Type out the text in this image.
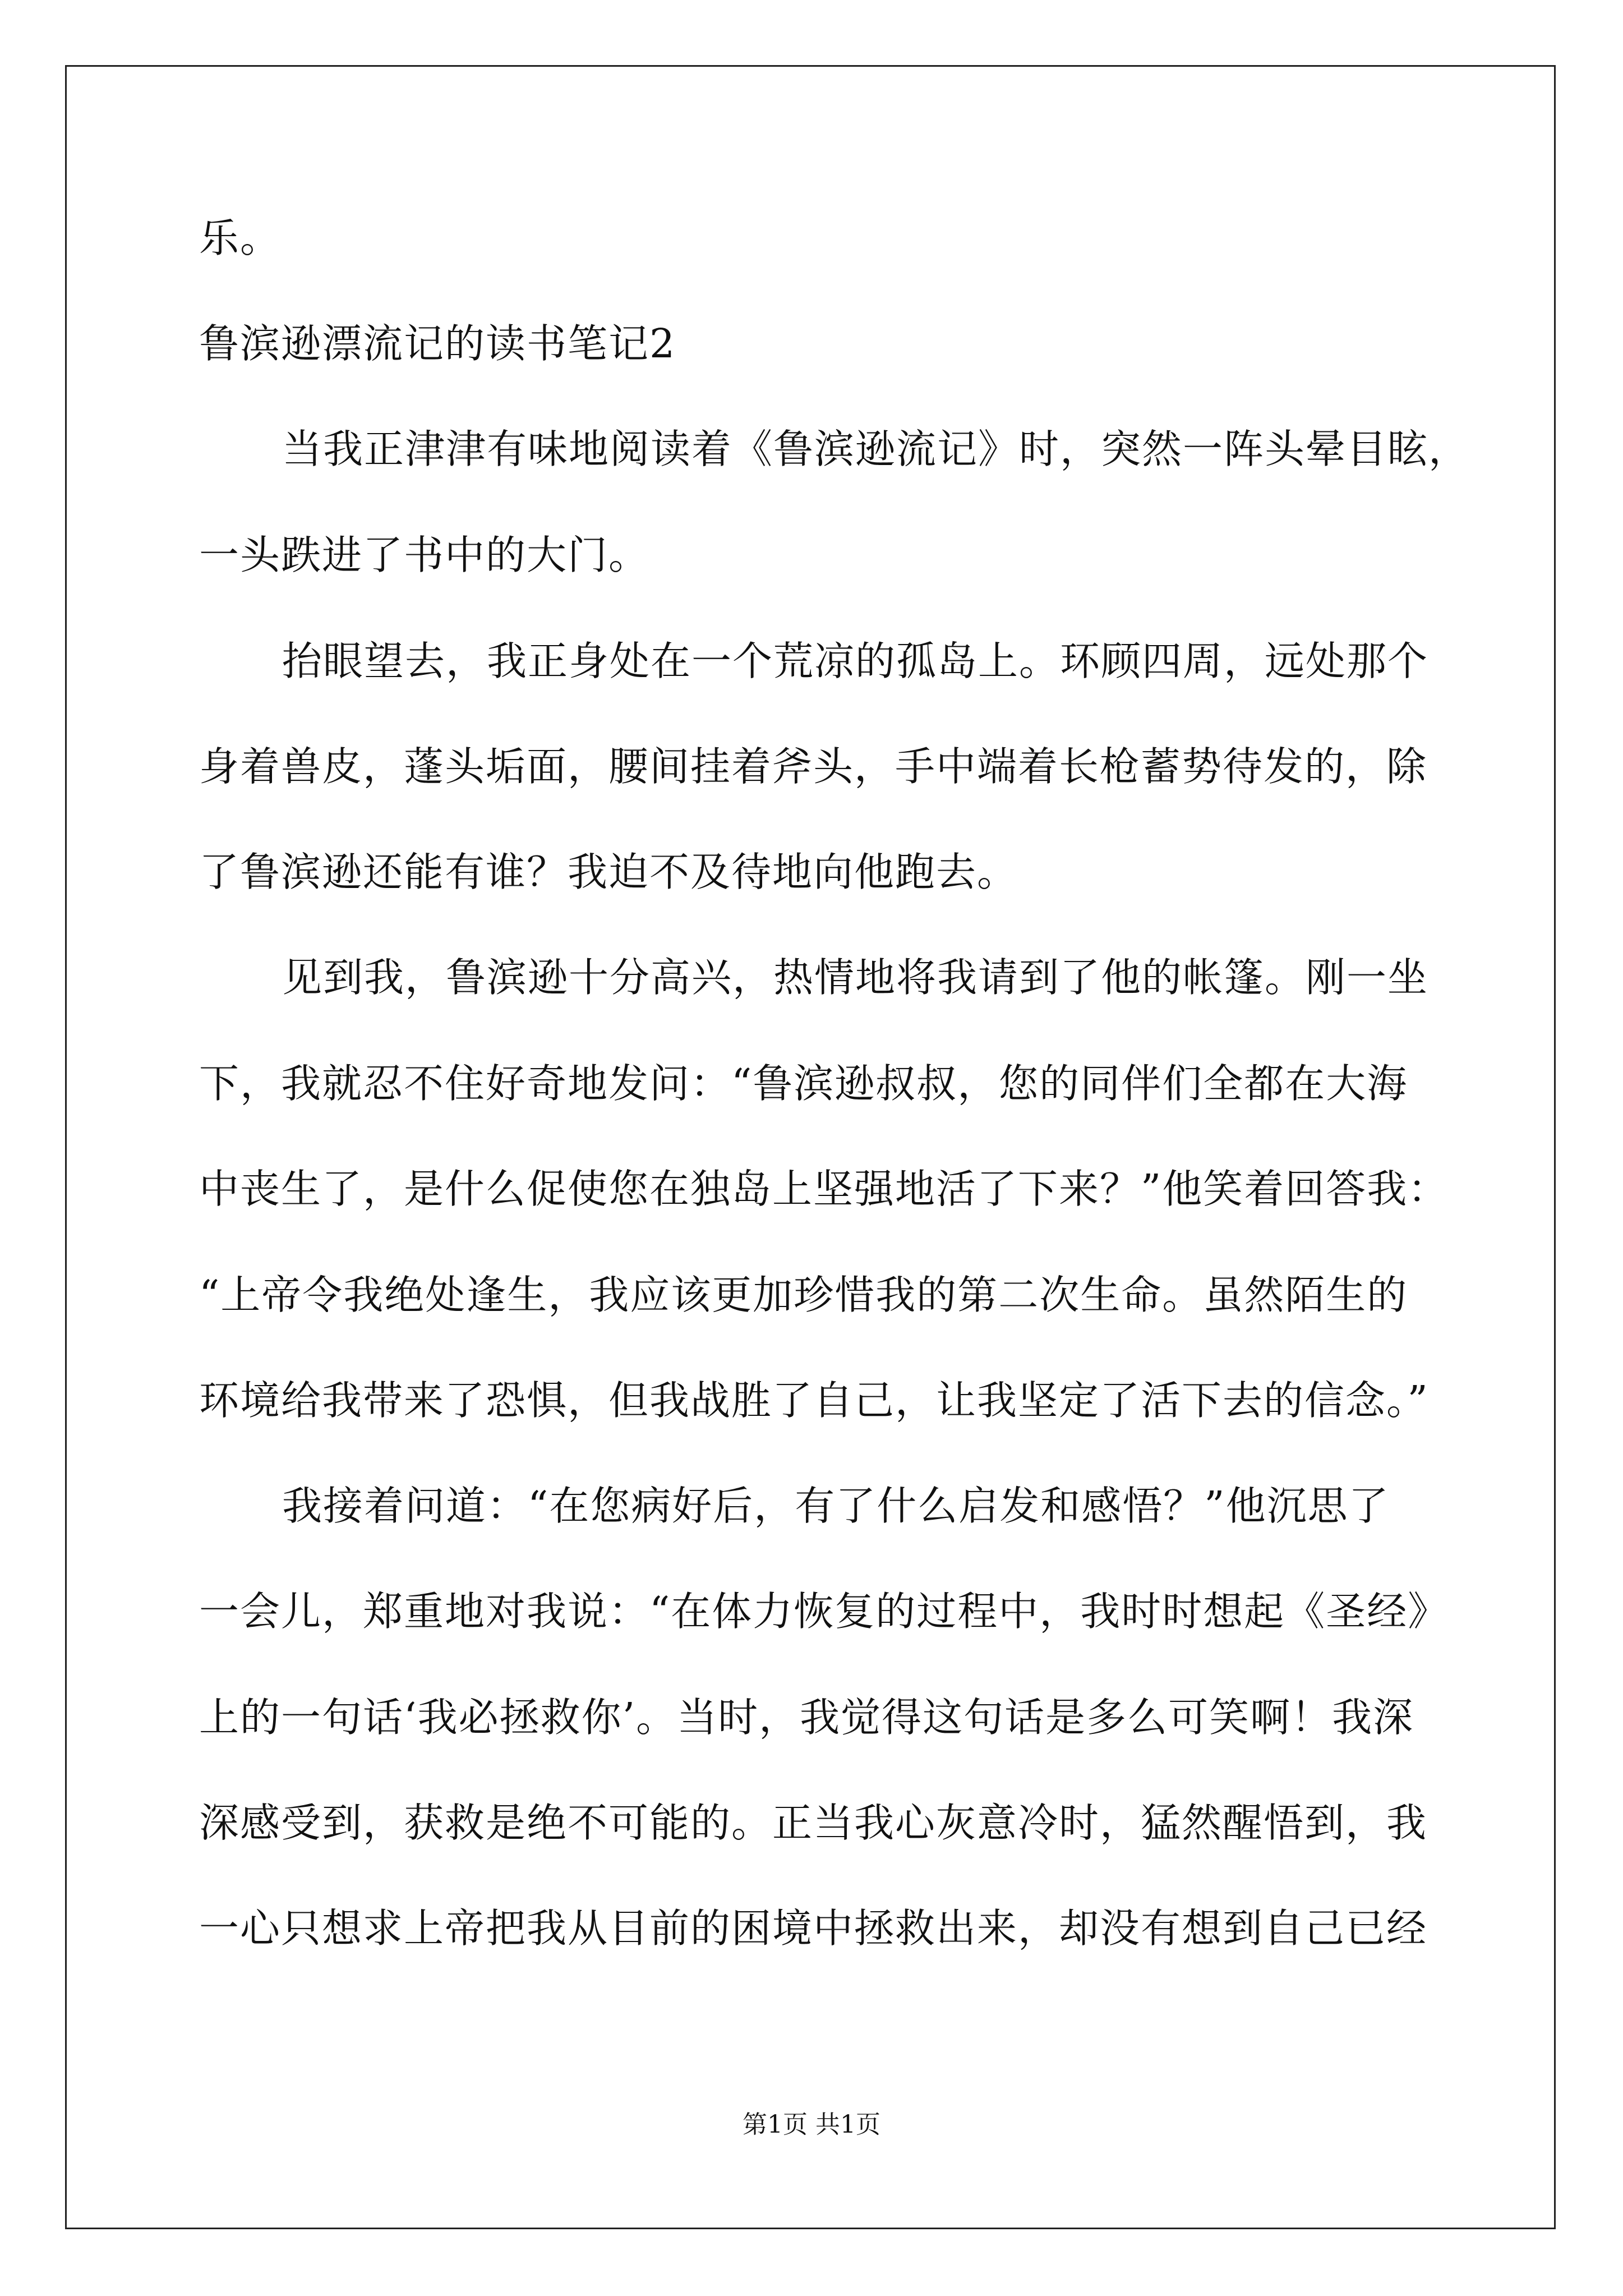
乐。
鲁滨逊漂流记的读书笔记2
当我正津津有味地阅读着《鲁滨逊流记》时，突然一阵头晕目眩，
一头跌进了书中的大门。
抬眼望去，我正身处在一个荒凉的孤岛上。环顾四周，远处那个
身着兽皮，蓬头垢面，腰间挂着斧头，手中端着长枪蓄势待发的，除
了鲁滨逊还能有谁？我迫不及待地向他跑去。
见到我，鲁滨逊十分高兴，热情地将我请到了他的帐篷。刚一坐
下，我就忍不住好奇地发问：“鲁滨逊叔叔，您的同伴们全都在大海
中丧生了，是什么促使您在独岛上坚强地活了下来？”他笑着回答我：
“上帝令我绝处逢生，我应该更加珍惜我的第二次生命。虽然陌生的
环境给我带来了恐惧，但我战胜了自己，让我坚定了活下去的信念。”
我接着问道：“在您病好后，有了什么启发和感悟？”他沉思了
一会儿，郑重地对我说：“在体力恢复的过程中，我时时想起《圣经》
上的一句话‘我必拯救你’。当时，我觉得这句话是多么可笑啊！我深
深感受到，获救是绝不可能的。正当我心灰意冷时，猛然醒悟到，我
一心只想求上帝把我从目前的困境中拯救出来，却没有想到自己已经
第1页 共1页
